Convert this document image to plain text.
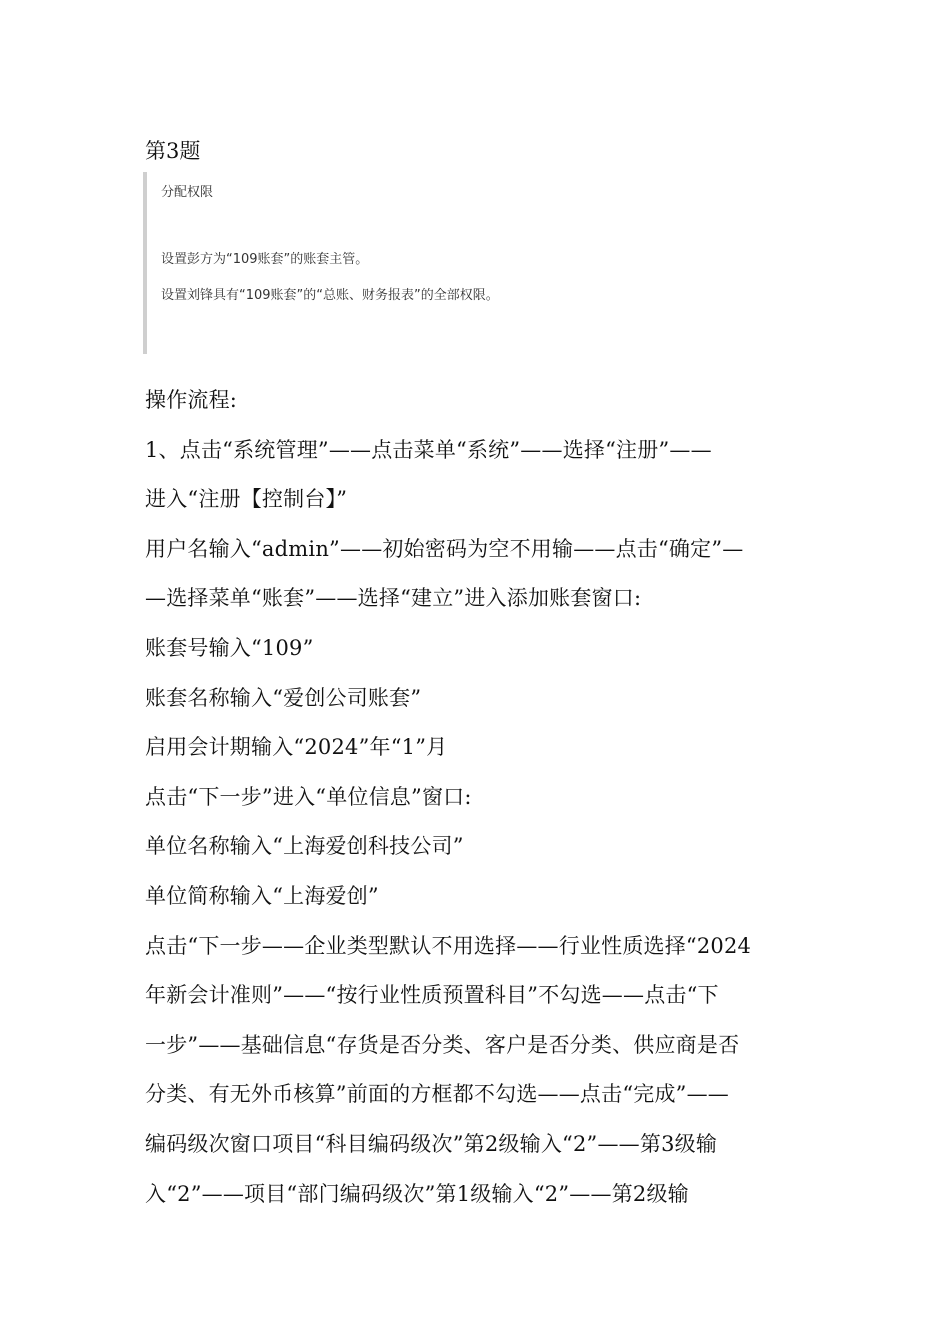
第3题
分配权限
设置彭方为“109账套”的账套主管。
设置刘锋具有“109账套”的“总账、财务报表”的全部权限。
操作流程:
1、点击“系统管理”——点击菜单“系统”——选择“注册”——
进入“注册【控制台】”
用户名输入“admin”——初始密码为空不用输——点击“确定”—
—选择菜单“账套”——选择“建立”进入添加账套窗口:
账套号输入“109”
账套名称输入“爱创公司账套”
启用会计期输入“2024”年“1”月
点击“下一步”进入“单位信息”窗口:
单位名称输入“上海爱创科技公司”
单位简称输入“上海爱创”
点击“下一步——企业类型默认不用选择——行业性质选择“2024
年新会计准则”——“按行业性质预置科目”不勾选——点击“下
一步”——基础信息“存货是否分类、客户是否分类、供应商是否
分类、有无外币核算”前面的方框都不勾选——点击“完成”——
编码级次窗口项目“科目编码级次”第2级输入“2”——第3级输
入“2”——项目“部门编码级次”第1级输入“2”——第2级输
